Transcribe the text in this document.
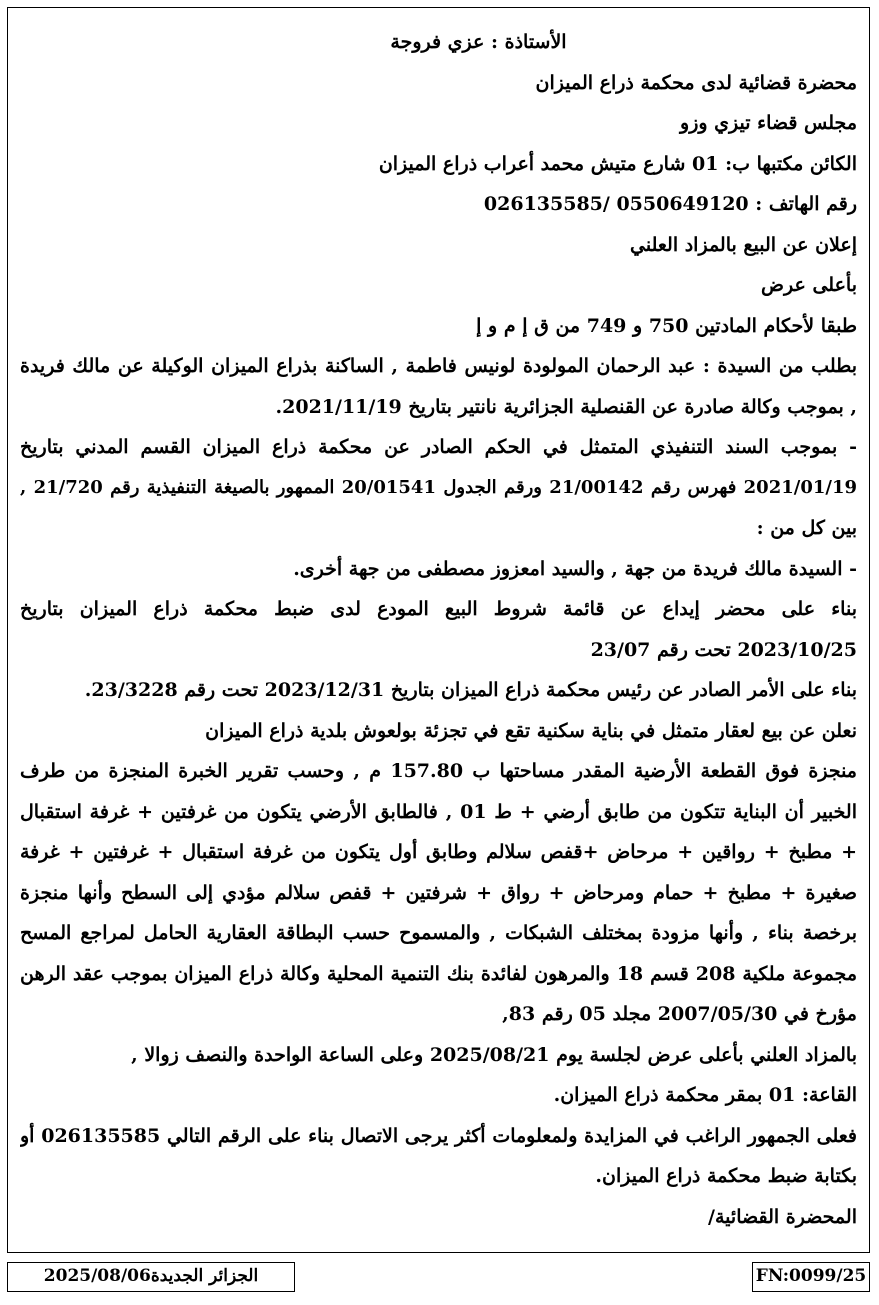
الأستاذة : عزي فروجة
محضرة قضائية لدى محكمة ذراع الميزان
مجلس قضاء تيزي وزو
الكائن مكتبها ب: 01 شارع متيش محمد أعراب ذراع الميزان
رقم الهاتف : 0550649120 /026135585
إعلان عن البيع بالمزاد العلني
بأعلى عرض
طبقا لأحكام المادتين 750 و 749 من ق إ م و إ
بطلب من السيدة : عبد الرحمان المولودة لونيس فاطمة , الساكنة بذراع الميزان الوكيلة عن مالك فريدة
, بموجب وكالة صادرة عن القنصلية الجزائرية نانتير بتاريخ 2021/11/19.
- بموجب السند التنفيذي المتمثل في الحكم الصادر عن محكمة ذراع الميزان القسم المدني بتاريخ
2021/01/19 فهرس رقم 21/00142 ورقم الجدول 20/01541 الممهور بالصيغة التنفيذية رقم 21/720 ,
بين كل من :
- السيدة مالك فريدة من جهة , والسيد امعزوز مصطفى من جهة أخرى.
بناء على محضر إيداع عن قائمة شروط البيع المودع لدى ضبط محكمة ذراع الميزان بتاريخ
2023/10/25 تحت رقم 23/07
بناء على الأمر الصادر عن رئيس محكمة ذراع الميزان بتاريخ 2023/12/31 تحت رقم 23/3228.
نعلن عن بيع لعقار متمثل في بناية سكنية تقع في تجزئة بولعوش بلدية ذراع الميزان
منجزة فوق القطعة الأرضية المقدر مساحتها ب 157.80 م , وحسب تقرير الخبرة المنجزة من طرف
الخبير أن البناية تتكون من طابق أرضي + ط 01 , فالطابق الأرضي يتكون من غرفتين + غرفة استقبال
+ مطبخ + رواقين + مرحاض +قفص سلالم وطابق أول يتكون من غرفة استقبال + غرفتين + غرفة
صغيرة + مطبخ + حمام ومرحاض + رواق + شرفتين + قفص سلالم مؤدي إلى السطح وأنها منجزة
برخصة بناء , وأنها مزودة بمختلف الشبكات , والمسموح حسب البطاقة العقارية الحامل لمراجع المسح
مجموعة ملكية 208 قسم 18 والمرهون لفائدة بنك التنمية المحلية وكالة ذراع الميزان بموجب عقد الرهن
مؤرخ في 2007/05/30 مجلد 05 رقم 83,
بالمزاد العلني بأعلى عرض لجلسة يوم 2025/08/21 وعلى الساعة الواحدة والنصف زوالا ,
القاعة: 01 بمقر محكمة ذراع الميزان.
فعلى الجمهور الراغب في المزايدة ولمعلومات أكثر يرجى الاتصال بناء على الرقم التالي 026135585 أو
بكتابة ضبط محكمة ذراع الميزان.
المحضرة القضائية/
الجزائر الجديدة2025/08/06	FN:0099/25
